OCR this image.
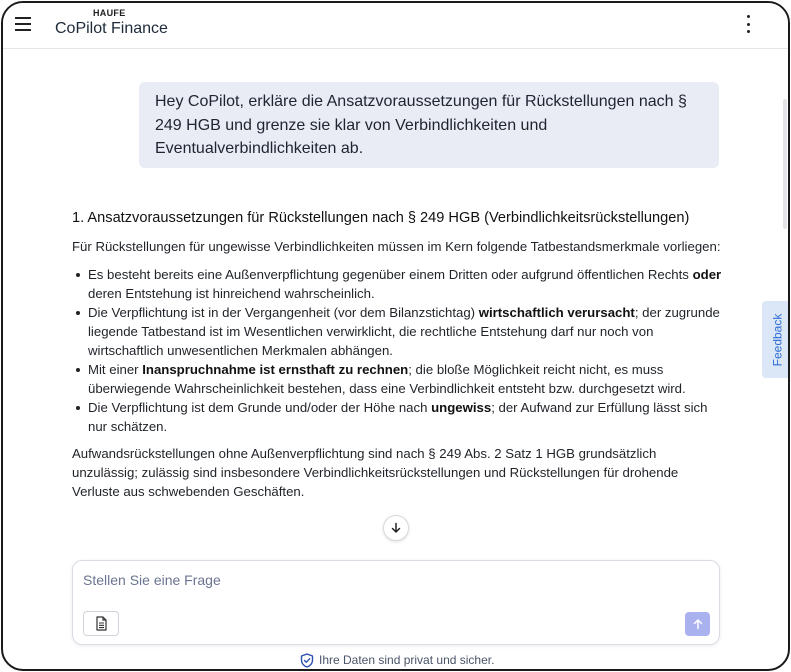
HAUFE
CoPilot Finance
Hey CoPilot, erkläre die Ansatzvoraussetzungen für Rückstellungen nach § 249 HGB und grenze sie klar von Verbindlichkeiten und Eventualverbindlichkeiten ab.
1. Ansatzvoraussetzungen für Rückstellungen nach § 249 HGB (Verbindlichkeitsrückstellungen)

Für Rückstellungen für ungewisse Verbindlichkeiten müssen im Kern folgende Tatbestandsmerkmale vorliegen:

Es besteht bereits eine Außenverpflichtung gegenüber einem Dritten oder aufgrund öffentlichen Rechts oder deren Entstehung ist hinreichend wahrscheinlich.
Die Verpflichtung ist in der Vergangenheit (vor dem Bilanzstichtag) wirtschaftlich verursacht; der zugrunde liegende Tatbestand ist im Wesentlichen verwirklicht, die rechtliche Entstehung darf nur noch von wirtschaftlich unwesentlichen Merkmalen abhängen.
Mit einer Inanspruchnahme ist ernsthaft zu rechnen; die bloße Möglichkeit reicht nicht, es muss überwiegende Wahrscheinlichkeit bestehen, dass eine Verbindlichkeit entsteht bzw. durchgesetzt wird.
Die Verpflichtung ist dem Grunde und/oder der Höhe nach ungewiss; der Aufwand zur Erfüllung lässt sich nur schätzen.

Aufwandsrückstellungen ohne Außenverpflichtung sind nach § 249 Abs. 2 Satz 1 HGB grundsätzlich unzulässig; zulässig sind insbesondere Verbindlichkeitsrückstellungen und Rückstellungen für drohende Verluste aus schwebenden Geschäften.

Feedback
Stellen Sie eine Frage
Ihre Daten sind privat und sicher.
